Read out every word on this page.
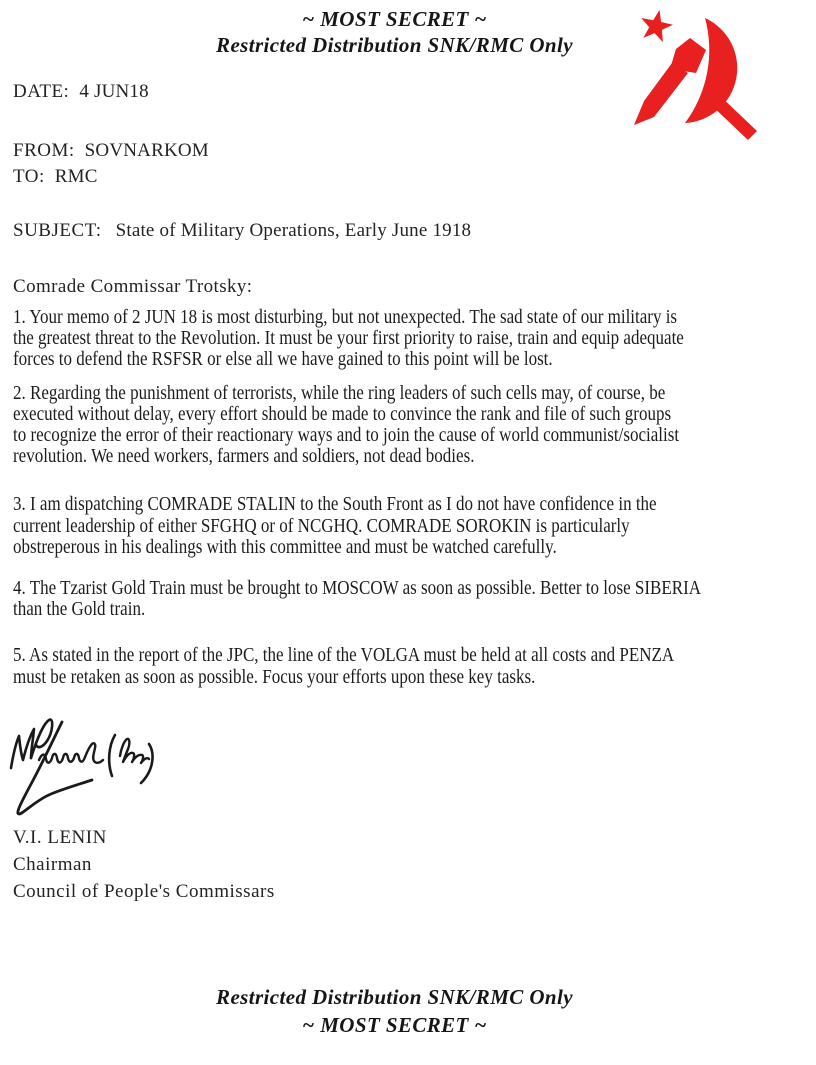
~ MOST SECRET ~
Restricted Distribution SNK/RMC Only
DATE: 4 JUN18
FROM: SOVNARKOM
TO: RMC
SUBJECT: State of Military Operations, Early June 1918
Comrade Commissar Trotsky:
1. Your memo of 2 JUN 18 is most disturbing, but not unexpected. The sad state of our military is
the greatest threat to the Revolution. It must be your first priority to raise, train and equip adequate
forces to defend the RSFSR or else all we have gained to this point will be lost.
2. Regarding the punishment of terrorists, while the ring leaders of such cells may, of course, be
executed without delay, every effort should be made to convince the rank and file of such groups
to recognize the error of their reactionary ways and to join the cause of world communist/socialist
revolution. We need workers, farmers and soldiers, not dead bodies.
3. I am dispatching COMRADE STALIN to the South Front as I do not have confidence in the
current leadership of either SFGHQ or of NCGHQ. COMRADE SOROKIN is particularly
obstreperous in his dealings with this committee and must be watched carefully.
4. The Tzarist Gold Train must be brought to MOSCOW as soon as possible. Better to lose SIBERIA
than the Gold train.
5. As stated in the report of the JPC, the line of the VOLGA must be held at all costs and PENZA
must be retaken as soon as possible. Focus your efforts upon these key tasks.
V.I. LENIN
Chairman
Council of People's Commissars
Restricted Distribution SNK/RMC Only
~ MOST SECRET ~
